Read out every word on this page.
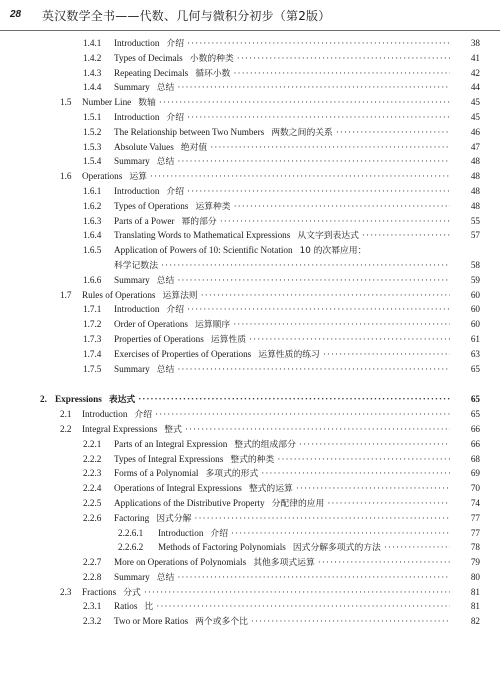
28 英汉数学全书——代数、几何与微积分初步（第2版）
1.4.1 Introduction 介绍 ·····	38
1.4.2 Types of Decimals 小数的种类 ·····	41
1.4.3 Repeating Decimals 循环小数 ·····	42
1.4.4 Summary 总结 ·····	44
1.5 Number Line 数轴 ·····	45
1.5.1 Introduction 介绍 ·····	45
1.5.2 The Relationship between Two Numbers 两数之间的关系 ·····	46
1.5.3 Absolute Values 绝对值 ·····	47
1.5.4 Summary 总结 ·····	48
1.6 Operations 运算 ·····	48
1.6.1 Introduction 介绍 ·····	48
1.6.2 Types of Operations 运算种类 ·····	48
1.6.3 Parts of a Power 幂的部分 ·····	55
1.6.4 Translating Words to Mathematical Expressions 从文字到表达式 ·····	57
1.6.5 Application of Powers of 10: Scientific Notation 10 的次幂应用：
科学记数法 ·····	58
1.6.6 Summary 总结 ·····	59
1.7 Rules of Operations 运算法则 ·····	60
1.7.1 Introduction 介绍 ·····	60
1.7.2 Order of Operations 运算顺序 ·····	60
1.7.3 Properties of Operations 运算性质 ·····	61
1.7.4 Exercises of Properties of Operations 运算性质的练习 ·····	63
1.7.5 Summary 总结 ·····	65
2. Expressions 表达式 ·····	65
2.1 Introduction 介绍 ·····	65
2.2 Integral Expressions 整式 ·····	66
2.2.1 Parts of an Integral Expression 整式的组成部分 ·····	66
2.2.2 Types of Integral Expressions 整式的种类 ·····	68
2.2.3 Forms of a Polynomial 多项式的形式 ·····	69
2.2.4 Operations of Integral Expressions 整式的运算 ·····	70
2.2.5 Applications of the Distributive Property 分配律的应用 ·····	74
2.2.6 Factoring 因式分解 ·····	77
2.2.6.1 Introduction 介绍 ·····	77
2.2.6.2 Methods of Factoring Polynomials 因式分解多项式的方法 ·····	78
2.2.7 More on Operations of Polynomials 其他多项式运算 ·····	79
2.2.8 Summary 总结 ·····	80
2.3 Fractions 分式 ·····	81
2.3.1 Ratios 比 ·····	81
2.3.2 Two or More Ratios 两个或多个比 ·····	82
